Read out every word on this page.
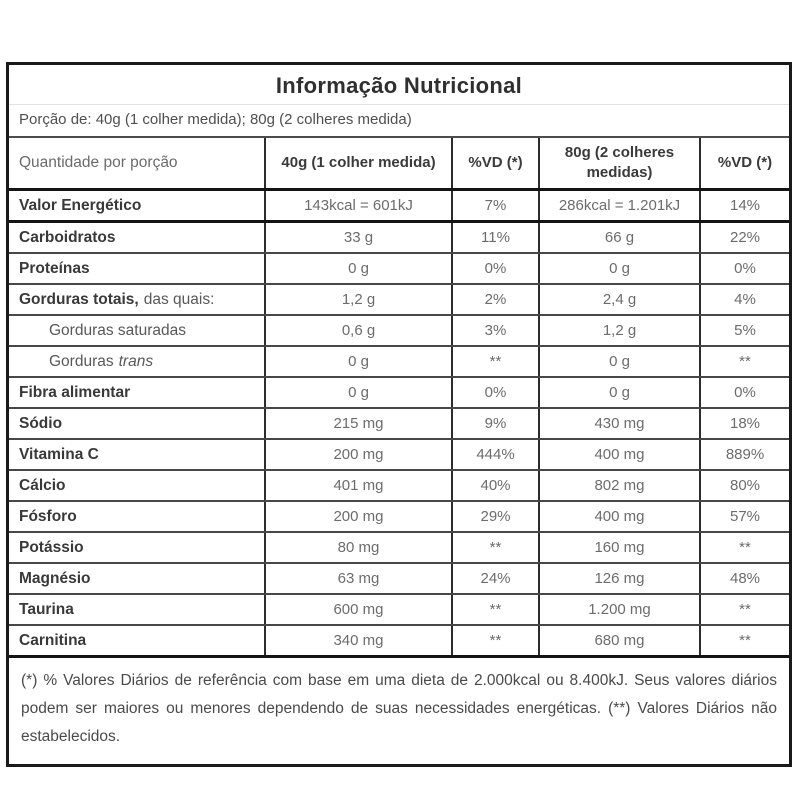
Informação Nutricional
Porção de: 40g (1 colher medida); 80g (2 colheres medida)
Quantidade por porção	40g (1 colher medida)	%VD (*)	80g (2 colheres medidas)	%VD (*)
Valor Energético	143kcal = 601kJ	7%	286kcal = 1.201kJ	14%
Carboidratos	33 g	11%	66 g	22%
Proteínas	0 g	0%	0 g	0%
Gorduras totais, das quais:	1,2 g	2%	2,4 g	4%
Gorduras saturadas	0,6 g	3%	1,2 g	5%
Gorduras trans	0 g	**	0 g	**
Fibra alimentar	0 g	0%	0 g	0%
Sódio	215 mg	9%	430 mg	18%
Vitamina C	200 mg	444%	400 mg	889%
Cálcio	401 mg	40%	802 mg	80%
Fósforo	200 mg	29%	400 mg	57%
Potássio	80 mg	**	160 mg	**
Magnésio	63 mg	24%	126 mg	48%
Taurina	600 mg	**	1.200 mg	**
Carnitina	340 mg	**	680 mg	**
(*) % Valores Diários de referência com base em uma dieta de 2.000kcal ou 8.400kJ. Seus valores diários podem ser maiores ou menores dependendo de suas necessidades energéticas. (**) Valores Diários não estabelecidos.
